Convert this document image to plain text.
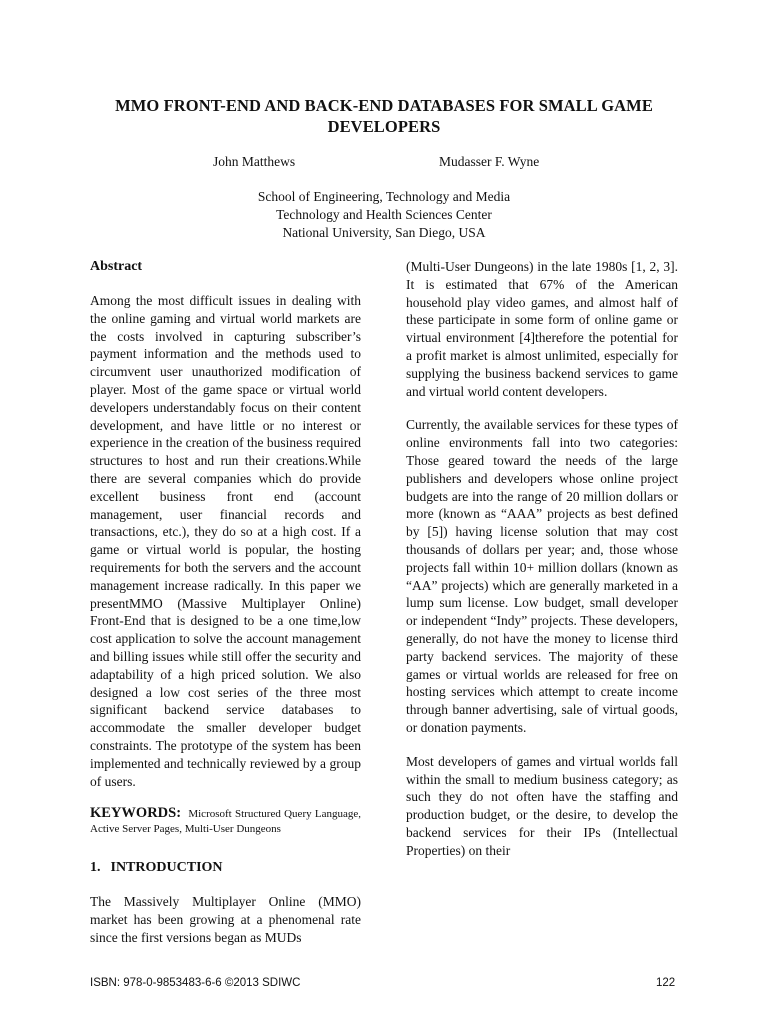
MMO FRONT-END AND BACK-END DATABASES FOR SMALL GAME DEVELOPERS
John Matthews	Mudasser F. Wyne
School of Engineering, Technology and Media
Technology and Health Sciences Center
National University, San Diego, USA
Abstract
Among the most difficult issues in dealing with the online gaming and virtual world markets are the costs involved in capturing subscriber’s payment information and the methods used to circumvent user unauthorized modification of player. Most of the game space or virtual world developers understandably focus on their content development, and have little or no interest or experience in the creation of the business required structures to host and run their creations.While there are several companies which do provide excellent business front end (account management, user financial records and transactions, etc.), they do so at a high cost. If a game or virtual world is popular, the hosting requirements for both the servers and the account management increase radically. In this paper we presentMMO (Massive Multiplayer Online) Front-End that is designed to be a one time,low cost application to solve the account management and billing issues while still offer the security and adaptability of a high priced solution. We also designed a low cost series of the three most significant backend service databases to accommodate the smaller developer budget constraints. The prototype of the system has been implemented and technically reviewed by a group of users.
KEYWORDS: Microsoft Structured Query Language, Active Server Pages, Multi-User Dungeons
1. INTRODUCTION
The Massively Multiplayer Online (MMO) market has been growing at a phenomenal rate since the first versions began as MUDs
(Multi-User Dungeons) in the late 1980s [1, 2, 3]. It is estimated that 67% of the American household play video games, and almost half of these participate in some form of online game or virtual environment [4]therefore the potential for a profit market is almost unlimited, especially for supplying the business backend services to game and virtual world content developers.
Currently, the available services for these types of online environments fall into two categories: Those geared toward the needs of the large publishers and developers whose online project budgets are into the range of 20 million dollars or more (known as “AAA” projects as best defined by [5]) having license solution that may cost thousands of dollars per year; and, those whose projects fall within 10+ million dollars (known as “AA” projects) which are generally marketed in a lump sum license. Low budget, small developer or independent “Indy” projects. These developers, generally, do not have the money to license third party backend services. The majority of these games or virtual worlds are released for free on hosting services which attempt to create income through banner advertising, sale of virtual goods, or donation payments.
Most developers of games and virtual worlds fall within the small to medium business category; as such they do not often have the staffing and production budget, or the desire, to develop the backend services for their IPs (Intellectual Properties) on their
ISBN: 978-0-9853483-6-6 ©2013 SDIWC	122
